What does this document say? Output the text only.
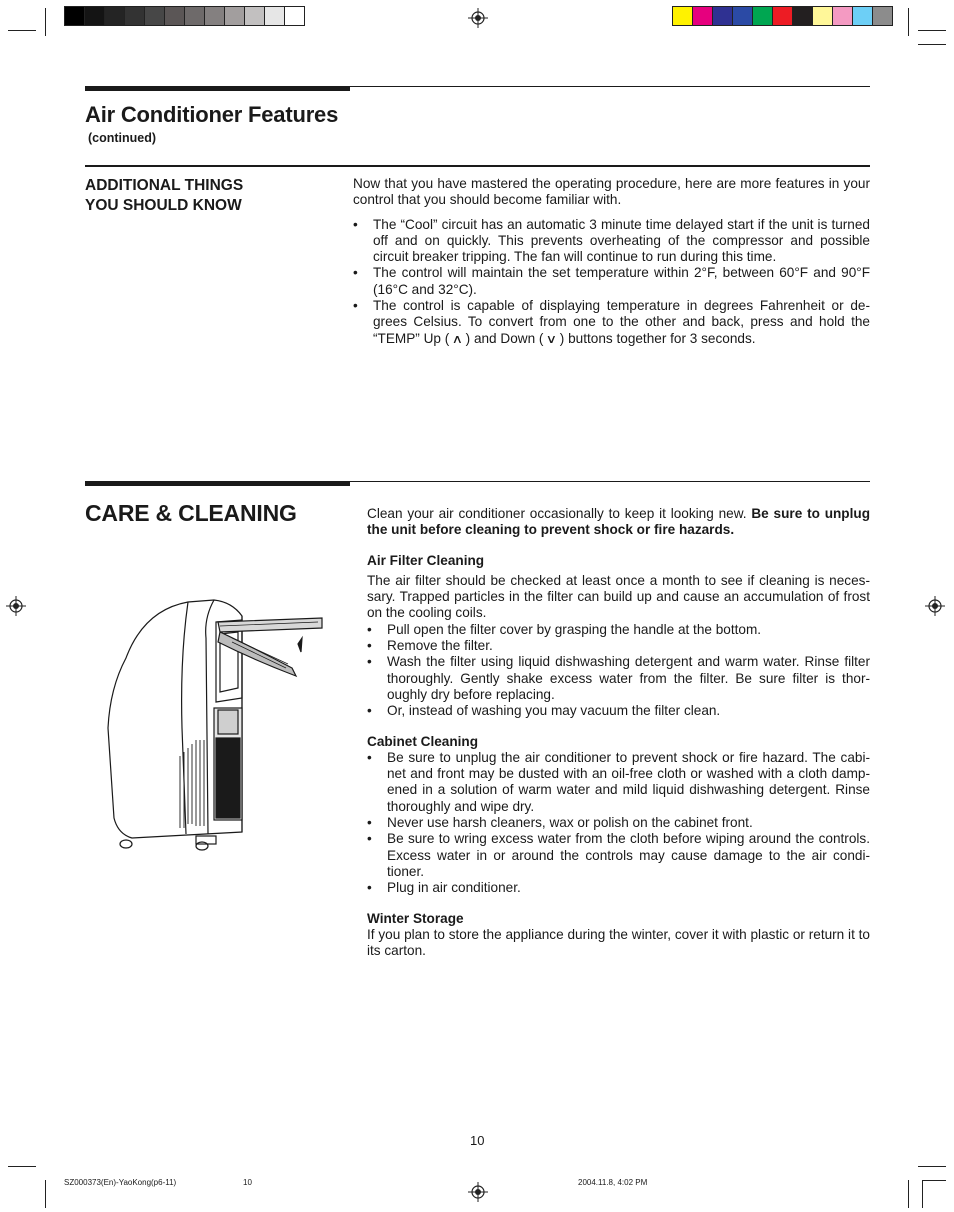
Air Conditioner Features
(continued)
ADDITIONAL THINGS
YOU SHOULD KNOW

Now that you have mastered the operating procedure, here are more features in your control that you should become familiar with.

• The “Cool” circuit has an automatic 3 minute time delayed start if the unit is turned off and on quickly. This prevents overheating of the compressor and possible circuit breaker tripping. The fan will continue to run during this time.
• The control will maintain the set temperature within 2°F, between 60°F and 90°F (16°C and 32°C).
• The control is capable of displaying temperature in degrees Fahrenheit or de-grees Celsius. To convert from one to the other and back, press and hold the “TEMP” Up ( ∧ ) and Down ( ∨ ) buttons together for 3 seconds.
CARE & CLEANING	Clean your air conditioner occasionally to keep it looking new. Be sure to unplug the unit before cleaning to prevent shock or fire hazards.

Air Filter Cleaning

The air filter should be checked at least once a month to see if cleaning is neces-sary. Trapped particles in the filter can build up and cause an accumulation of frost on the cooling coils.

• Pull open the filter cover by grasping the handle at the bottom.
• Remove the filter.
• Wash the filter using liquid dishwashing detergent and warm water. Rinse filter thoroughly. Gently shake excess water from the filter. Be sure filter is thor-oughly dry before replacing.
• Or, instead of washing you may vacuum the filter clean.

Cabinet Cleaning

• Be sure to unplug the air conditioner to prevent shock or fire hazard. The cabi-net and front may be dusted with an oil-free cloth or washed with a cloth damp-ened in a solution of warm water and mild liquid dishwashing detergent. Rinse thoroughly and wipe dry.
• Never use harsh cleaners, wax or polish on the cabinet front.
• Be sure to wring excess water from the cloth before wiping around the controls. Excess water in or around the controls may cause damage to the air condi-tioner.
• Plug in air conditioner.

Winter Storage

If you plan to store the appliance during the winter, cover it with plastic or return it to its carton.

10
SZ000373(En)-YaoKong(p6-11)	10	2004.11.8, 4:02 PM
